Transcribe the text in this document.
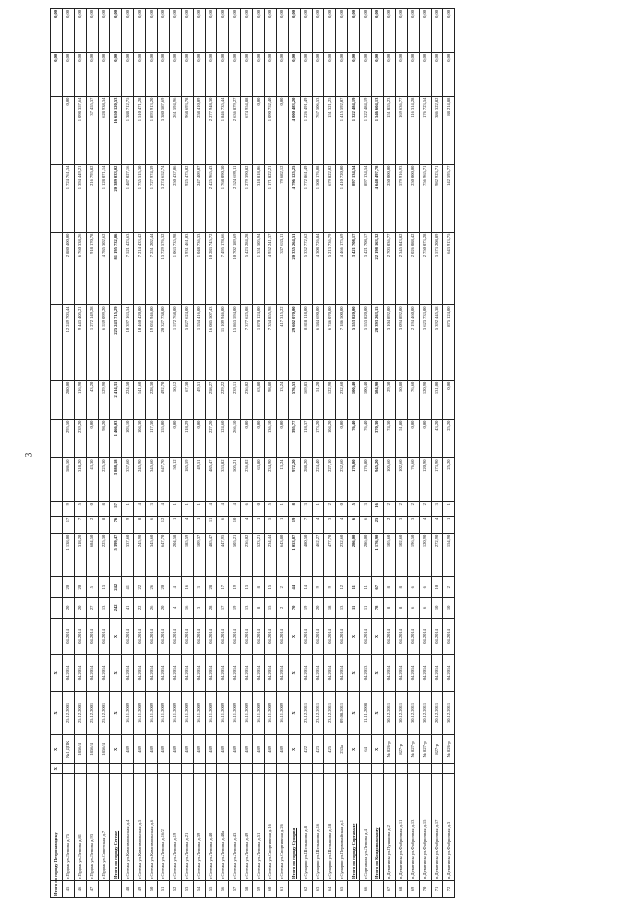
3
Итого по городу Петрозаводску		X	X	X	X														0,00	0,00
45	г.Пудож ул.Ленина д.75		№1 ДПК	25.12.2001	04.2014	04.2014	20	20	1 138,00	17	9	586,50	295,50	280,00	12 249 703,44	2 880 400,00	1 724 761,34	0,00	0,00	0,00
46	г.Пудож ул.Ленина д.81		1856/4	25.12.2001	04.2014	04.2014	20	20	318,20	7	5	318,20	239,20	116,90	9 443 405,21	6 760 338,26	1 394 449,21	1 098 357,64	0,00	0,00
47	г.Пудож ул.Ленина д.93		1856/4	25.12.2001	04.2014	04.2014	27	5	684,50	2	0	43,30	0,00	43,20	1 272 149,28	918 170,78	216 795,82	37 455,37	0,00	0,00
	г.Пудож ул.Советская д.7		1856/4	25.12.2001	04.2014	04.2014	13	13	225,30	8	8	225,30	98,20	129,90	6 539 099,20	4 785 302,62	1 128 071,14	628 938,34	0,00	0,00
	Итого по городу Сегеже		X	X	X	X	242	242	5 399,47	76	57	3 888,18	1 466,03	2 414,31	225 243 715,29	81 195 732,86	20 389 833,02	16 650 120,53	0,00	0,00
48	г.Сегежа ул.Комсомольская д.4		489	16.11.2009	04.2014	04.2014	41	41	337,60	9	1	337,60	103,10	224,50	10 397 163,54	7 521 423,63	1 487 027,16	1 388 712,75	0,00	0,00
49	г.Сегежа ул.Комсомольская д.5		489	16.11.2009	04.2014	04.2014	22	22	245,90	8	4	245,90	104,30	141,60	10 460 420,00	7 214 433,42	1 735 515,30	1 510 471,28	0,00	0,00
50	г.Сегежа ул.Комсомольская д.6		489	16.11.2009	04.2014	04.2014	26	26	345,60	6	3	345,60	117,30	228,30	19 051 946,00	7 251 202,44	1 727 974,39	1 893 913,20	0,00	0,00
51	г.Сегежа ул.Ленина д.16/2		489	16.11.2009	04.2014	04.2014	20	20	647,70	12	4	647,70	155,00	492,70	20 327 738,00	13 729 576,32	3 274 652,74	3 380 587,69	0,00	0,00
52	г.Сегежа ул.Ленина д.19		489	16.11.2009	04.2014	04.2014	4	4	204,58	1	1	50,12	0,00	50,12	1 572 768,00	1 063 735,98	250 437,06	261 594,96	0,00	0,00
53	г.Сегежа ул.Ленина д.21		489	16.11.2009	04.2014	04.2014	16	16	185,59	4	1	185,59	118,29	67,30	5 827 624,00	3 931 461,03	925 475,02	968 693,78	0,00	0,00
54	г.Сегежа ул.Ленина д.39		489	16.11.2009	04.2014	04.2014	3	3	109,37	1	1	49,51	0,00	49,51	1 554 416,00	1 048 736,33	247 409,07	258 410,09	0,00	0,00
55	г.Сегежа ул.Ленина д.40		489	16.11.2009	04.2014	04.2014	28	28	485,47	11	4	485,47	227,20	258,27	16 085 507,43	10 283 745,72	2 425 965,43	2 277 948,30	0,00	0,00
56	г.Сегежа ул.Ленина д.40а		489	16.11.2009	04.2014	04.2014	17	17	447,95	6	4	353,82	124,60	229,22	11 109 946,00	7 495 178,66	1 768 090,30	1 846 735,44	0,00	0,00
57	г.Сегежа ул.Ленина д.43		489	16.11.2009	04.2014	04.2014	19	19	505,21	10	4	505,21	266,10	239,11	15 863 594,00	10 702 189,69	2 524 699,11	2 636 879,27	0,00	0,00
58	г.Сегежа ул.Ленина д.49		489	16.11.2009	04.2014	04.2014	13	13	236,02	4	6	236,02	0,00	236,02	7 377 625,08	5 423 284,28	1 279 390,82	674 954,88	0,00	0,00
59	г.Сегежа ул.Ленина д.51		489	16.11.2009	04.2014	04.2014	8	8	523,21	1	0	63,80	0,00	63,80	1 870 124,00	1 351 505,94	318 818,06	0,00	0,00	0,00
60	г.Сегежа ул.Спортивная д.16		489	16.11.2009	04.2014	04.2014	15	15	234,44	5	5	234,90	136,10	98,80	7 354 855,98	4 952 241,37	1 171 822,21	1 090 752,40	0,00	0,00
61	г.Сегежа ул.Спортивная д.26		489	16.11.2009	04.2014	04.2014	2	2	643,80	1	1	13,24	0,00	13,24	417 315,22	337 633,11	79 682,12	0,00	0,00	0,00
	Итого по городу Суоярви		X	X	X	X	70	44	1 053,87	19	8	972,20	395,77	576,53	29 602 070,00	20 335 264,51	4 796 125,25	4 000 483,20	0,00	0,00
62	г.Суоярви ул.Шельшина д.8		422	23.12.2011	04.2014	04.2014	19	14	480,50	7	3	288,20	118,37	169,83	8 818 118,00	5 332 772,62	1 772 861,49	1 226 491,49	0,00	0,00
63	г.Суоярви ул.Шельшина д.16		423	23.12.2011	04.2014	04.2014	20	9	462,27	4	1	224,40	173,20	51,20	6 584 690,00	4 308 726,84	1 508 176,08	767 506,53	0,00	0,00
64	г.Суоярви ул.Шельшина д.18		425	23.12.2011	04.2014	04.2014	18	9	477,70	3	2	227,10	104,20	122,90	6 746 070,00	5 213 736,79	679 822,02	151 321,25	0,00	0,00
65	г.Суоярви ул.Первомайская д.1		233а	09.08.2011	04.2014	04.2014	13	12	232,60	4	0	232,60	0,00	232,60	7 186 500,00	4 466 175,69	1 410 720,00	1 415 592,07	0,00	0,00
	Итого по городу Сортавале		X	X	X	X	11	11	286,00	6	5	176,80	76,40	100,40	5 553 820,00	3 421 708,17	897 134,54	1 322 484,19	0,00	0,00
66	г.Сортавала ул.Ленина д.4		64	11.11.2008	04.2013	04.2014	11	11	286,00	6	3	176,80	76,40	100,40	5 553 820,00	3 421 708,17	897 134,54	1 322 484,19	0,00	0,00
	Итого по Кондопожскому		X	X	X	X	78	67	1 176,90	25	16	945,20	370,30	584,90	28 393 263,15	22 198 163,32	4 648 497,78	1 546 604,13	0,00	0,00
67	п.Девятины ул.Пушкина д.2		№ 826-р	30.12.2011	04.2014	04.2014	8	8	105,60	2	2	105,60	74,30	29,30	3 104 892,00	2 703 036,77	250 000,00	151 855,23	0,00	0,00
68	п.Девятины ул.Фабричная д.11		827-р	30.12.2011	04.2014	04.2014	8	8	102,60	3	2	102,60	51,80	50,80	3 094 892,00	2 345 843,82	579 916,93	169 636,77	0,00	0,00
69	п.Девятины ул.Фабричная д.13		№ 827-р	30.12.2011	04.2014	04.2014	6	6	196,50	3	2	76,60	0,00	76,60	2 194 460,00	2 026 088,42	250 000,00	116 314,28	0,00	0,00
70	п.Девятины ул.Фабричная д.15		№ 827-р	30.12.2011	04.2014	04.2014	6	6	120,90	4	2	120,90	0,00	120,90	3 623 733,00	2 750 073,28	756 965,71	176 723,54	0,00	0,00
71	п.Девятины ул.Фабричная д.17		827-р	20.12.2011	04.2014	04.2014	10	10	272,90	4	3	173,90	43,20	131,00	5 392 445,38	3 573 208,89	982 923,71	386 322,82	0,00	0,00
72	п.Девятины ул.Фабричная д.3		№ 826-р	30.12.2011	04.2014	04.2014	10	2	154,90	1	1	25,20	25,20	0,00	875 124,00	643 913,75	142 595,77	88 214,88	0,00	0,00
